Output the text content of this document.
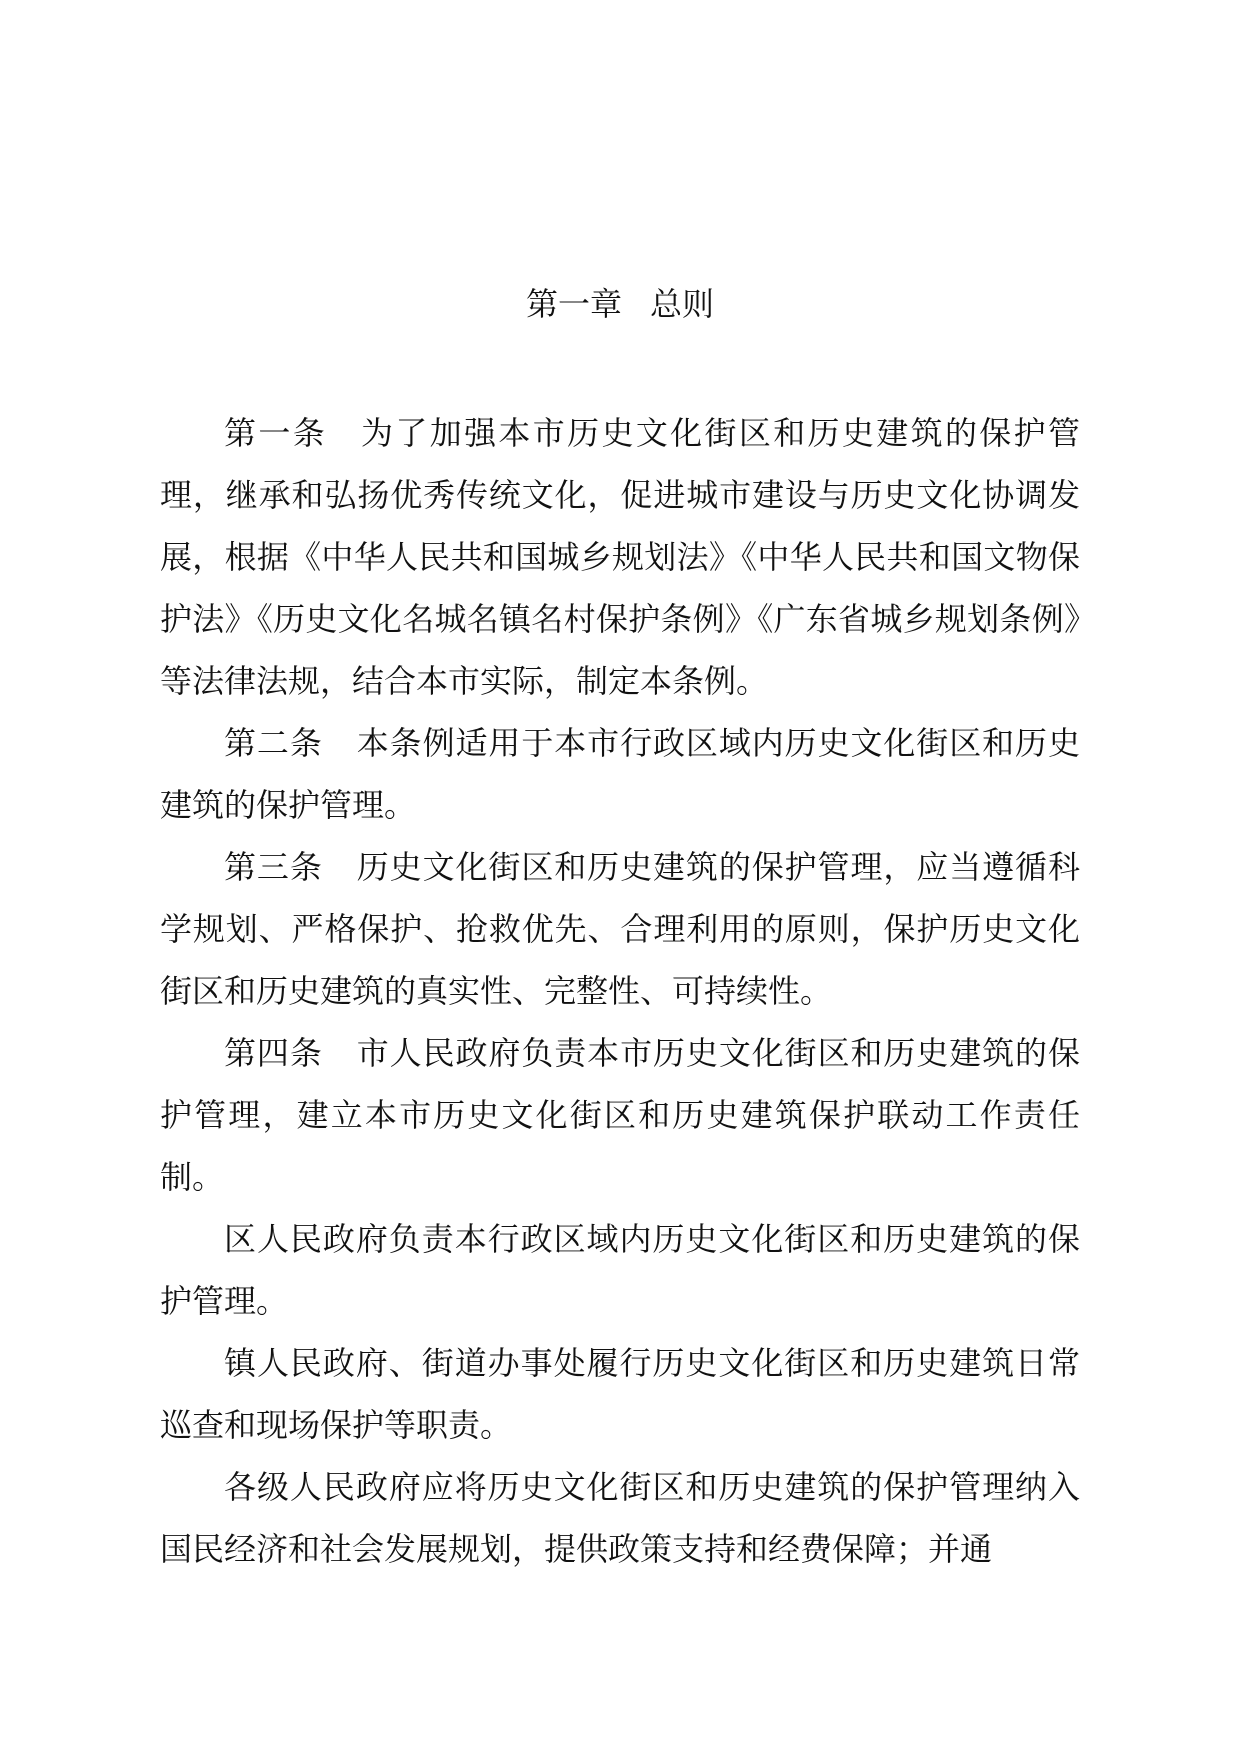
第一章 总则

第一条 为了加强本市历史文化街区和历史建筑的保护管理，继承和弘扬优秀传统文化，促进城市建设与历史文化协调发展，根据《中华人民共和国城乡规划法》《中华人民共和国文物保护法》《历史文化名城名镇名村保护条例》《广东省城乡规划条例》等法律法规，结合本市实际，制定本条例。

第二条 本条例适用于本市行政区域内历史文化街区和历史建筑的保护管理。

第三条 历史文化街区和历史建筑的保护管理，应当遵循科学规划、严格保护、抢救优先、合理利用的原则，保护历史文化街区和历史建筑的真实性、完整性、可持续性。

第四条 市人民政府负责本市历史文化街区和历史建筑的保护管理，建立本市历史文化街区和历史建筑保护联动工作责任制。

区人民政府负责本行政区域内历史文化街区和历史建筑的保护管理。

镇人民政府、街道办事处履行历史文化街区和历史建筑日常巡查和现场保护等职责。

各级人民政府应将历史文化街区和历史建筑的保护管理纳入国民经济和社会发展规划，提供政策支持和经费保障；并通
